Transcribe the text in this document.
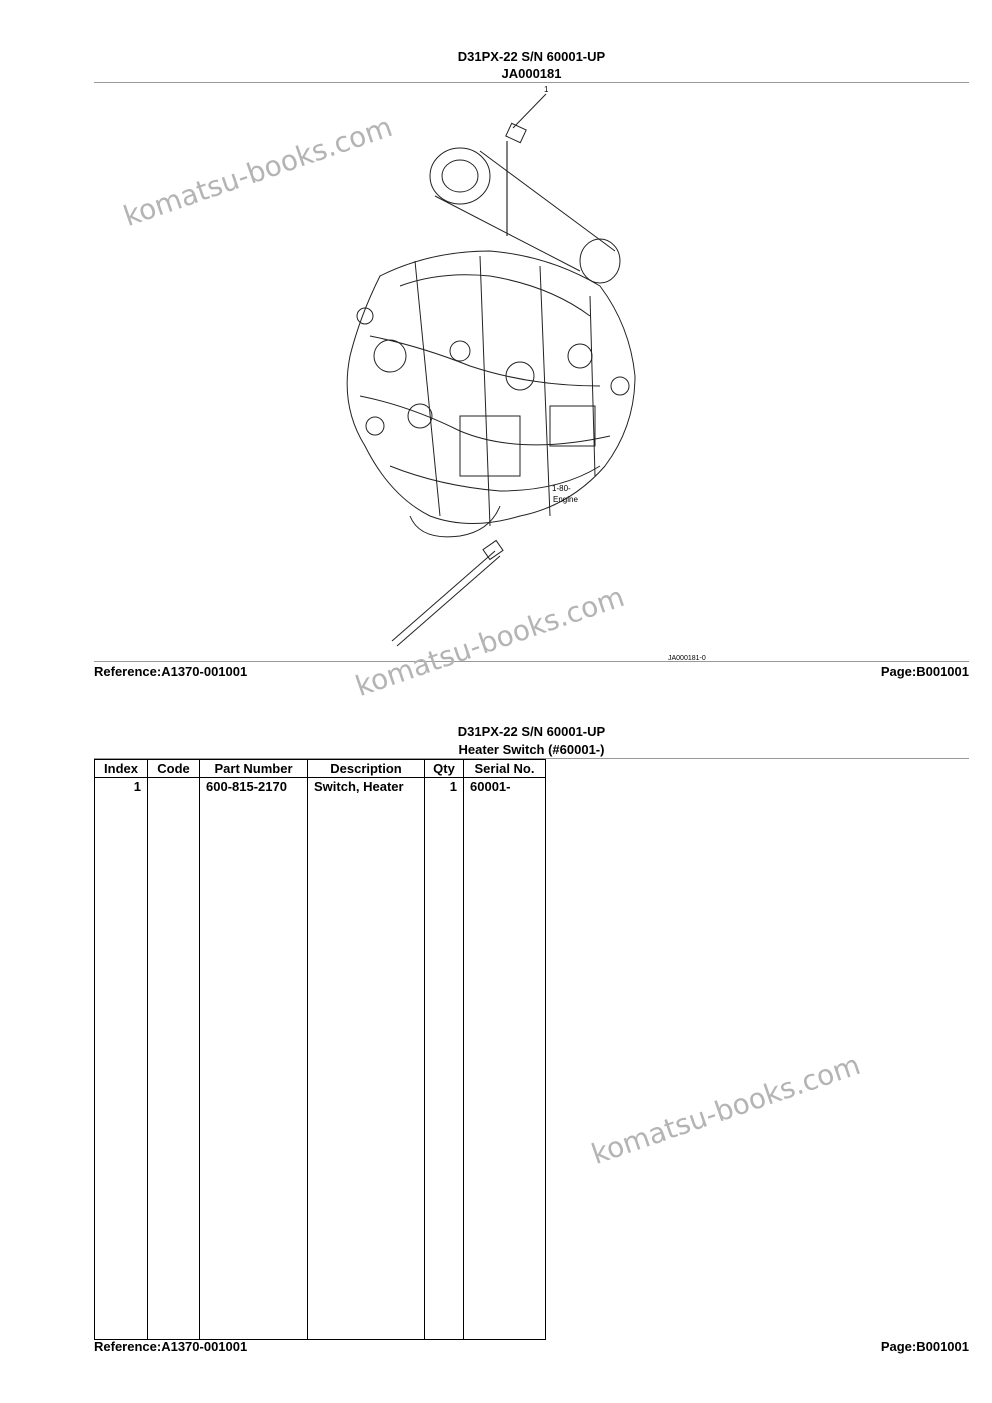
D31PX-22 S/N 60001-UP
JA000181
1
1-80-
Engine
JA000181-0
Reference:A1370-001001	Page:B001001
D31PX-22 S/N 60001-UP
Heater Switch (#60001-)
Index	Code	Part Number	Description	Qty	Serial No.
1		600-815-2170	Switch, Heater	1	60001-

Reference:A1370-001001	Page:B001001
komatsu-books.com
komatsu-books.com
komatsu-books.com
